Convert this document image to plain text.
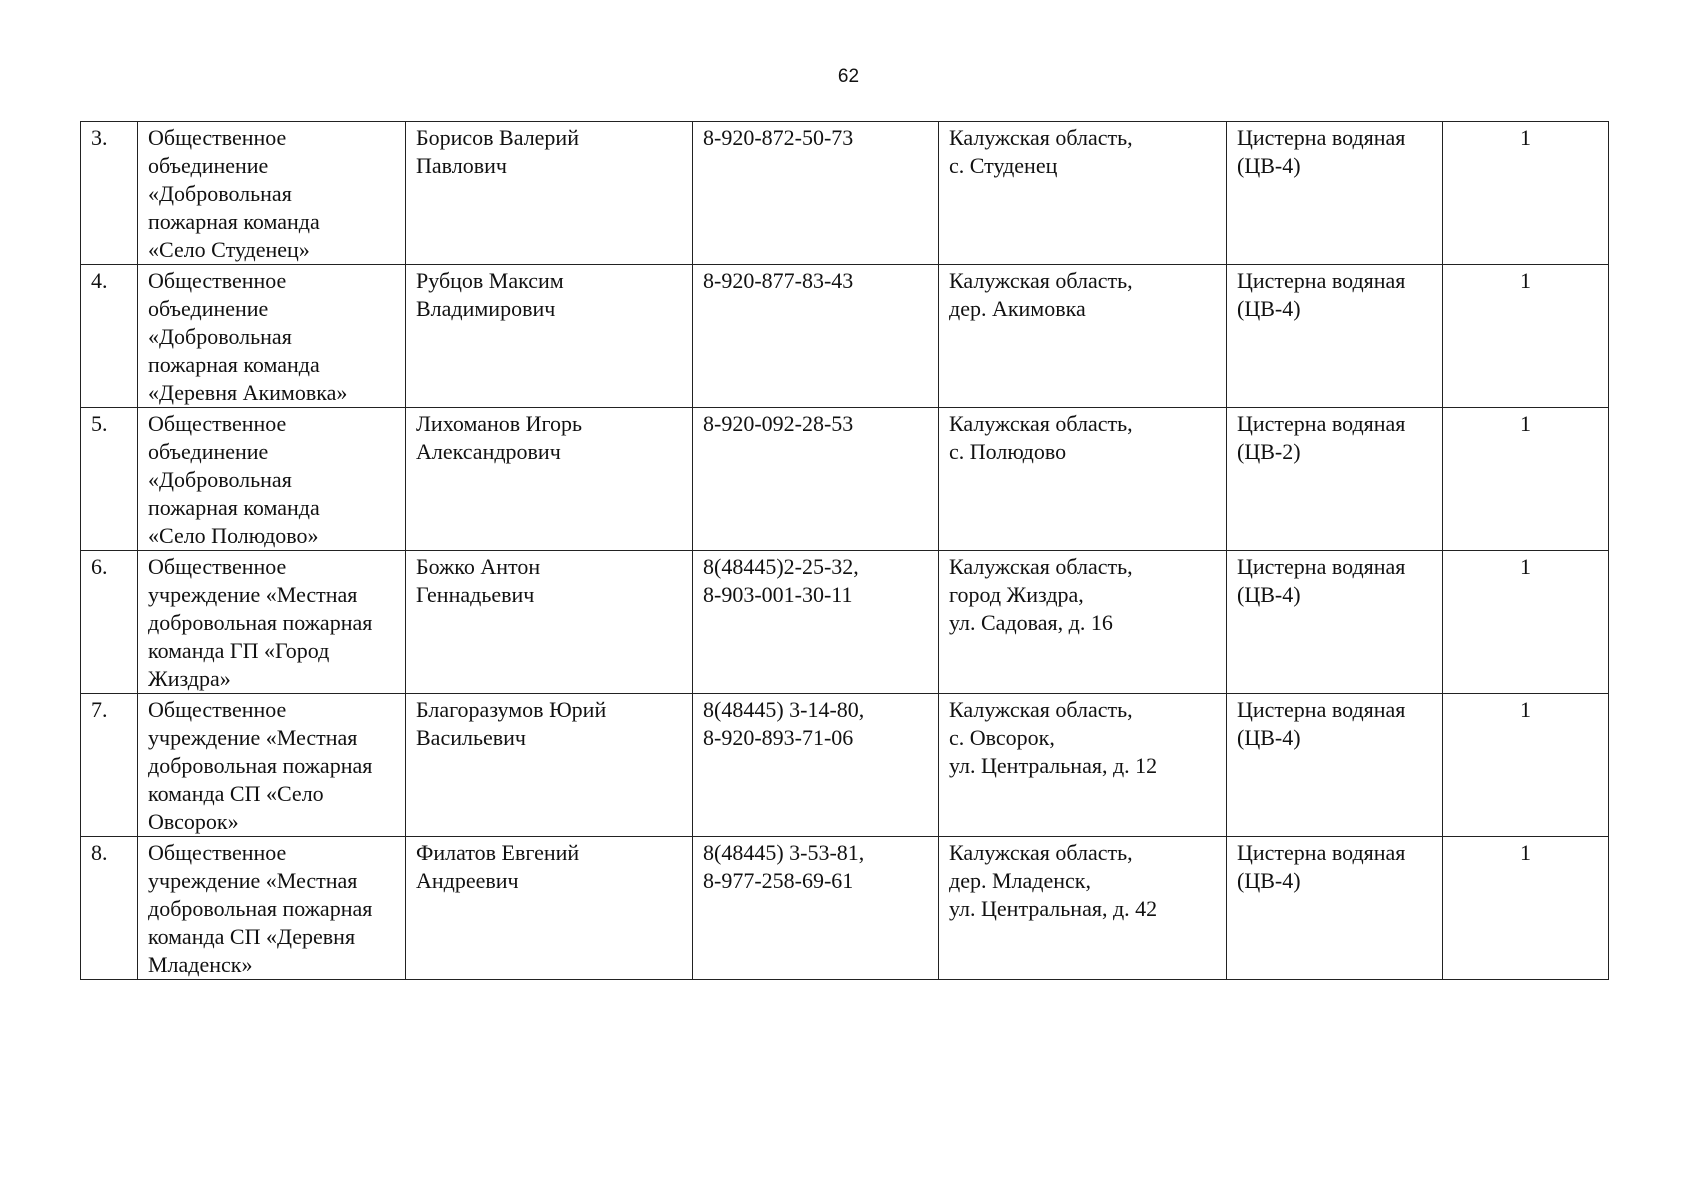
62
3.	Общественное
объединение
«Добровольная
пожарная команда
«Село Студенец»	Борисов Валерий
Павлович	8-920-872-50-73	Калужская область,
с. Студенец	Цистерна водяная
(ЦВ-4)	1
4.	Общественное
объединение
«Добровольная
пожарная команда
«Деревня Акимовка»	Рубцов Максим
Владимирович	8-920-877-83-43	Калужская область,
дер. Акимовка	Цистерна водяная
(ЦВ-4)	1
5.	Общественное
объединение
«Добровольная
пожарная команда
«Село Полюдово»	Лихоманов Игорь
Александрович	8-920-092-28-53	Калужская область,
с. Полюдово	Цистерна водяная
(ЦВ-2)	1
6.	Общественное
учреждение «Местная
добровольная пожарная
команда ГП «Город
Жиздра»	Божко Антон
Геннадьевич	8(48445)2-25-32,
8-903-001-30-11	Калужская область,
город Жиздра,
ул. Садовая, д. 16	Цистерна водяная
(ЦВ-4)	1
7.	Общественное
учреждение «Местная
добровольная пожарная
команда СП «Село
Овсорок»	Благоразумов Юрий
Васильевич	8(48445) 3-14-80,
8-920-893-71-06	Калужская область,
с. Овсорок,
ул. Центральная, д. 12	Цистерна водяная
(ЦВ-4)	1
8.	Общественное
учреждение «Местная
добровольная пожарная
команда СП «Деревня
Младенск»	Филатов Евгений
Андреевич	8(48445) 3-53-81,
8-977-258-69-61	Калужская область,
дер. Младенск,
ул. Центральная, д. 42	Цистерна водяная
(ЦВ-4)	1
